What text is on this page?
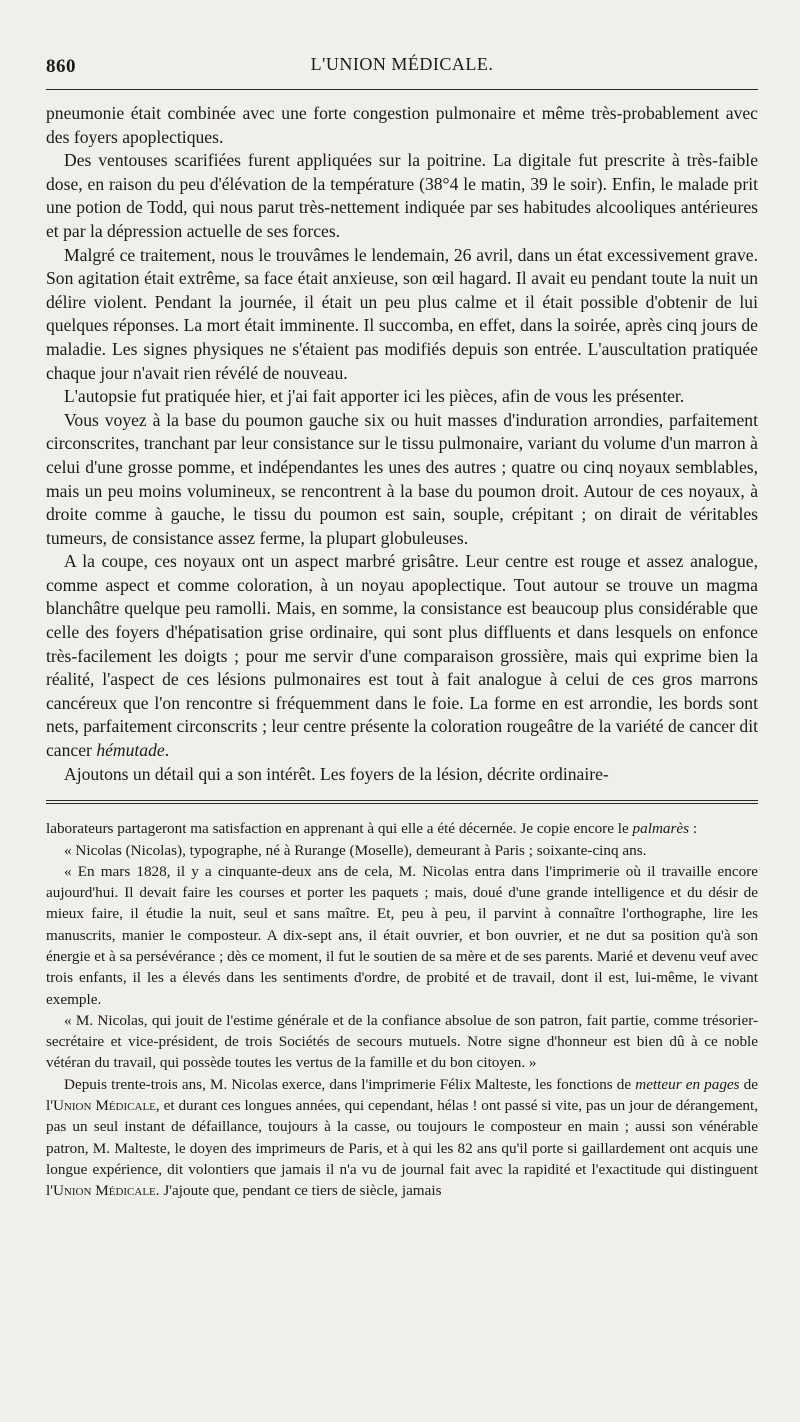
860	L'UNION MÉDICALE.

pneumonie était combinée avec une forte congestion pulmonaire et même très-probablement avec des foyers apoplectiques.

Des ventouses scarifiées furent appliquées sur la poitrine. La digitale fut prescrite à très-faible dose, en raison du peu d'élévation de la température (38°4 le matin, 39 le soir). Enfin, le malade prit une potion de Todd, qui nous parut très-nettement indiquée par ses habitudes alcooliques antérieures et par la dépression actuelle de ses forces.

Malgré ce traitement, nous le trouvâmes le lendemain, 26 avril, dans un état excessivement grave. Son agitation était extrême, sa face était anxieuse, son œil hagard. Il avait eu pendant toute la nuit un délire violent. Pendant la journée, il était un peu plus calme et il était possible d'obtenir de lui quelques réponses. La mort était imminente. Il succomba, en effet, dans la soirée, après cinq jours de maladie. Les signes physiques ne s'étaient pas modifiés depuis son entrée. L'auscultation pratiquée chaque jour n'avait rien révélé de nouveau.

L'autopsie fut pratiquée hier, et j'ai fait apporter ici les pièces, afin de vous les présenter.

Vous voyez à la base du poumon gauche six ou huit masses d'induration arrondies, parfaitement circonscrites, tranchant par leur consistance sur le tissu pulmonaire, variant du volume d'un marron à celui d'une grosse pomme, et indépendantes les unes des autres ; quatre ou cinq noyaux semblables, mais un peu moins volumineux, se rencontrent à la base du poumon droit. Autour de ces noyaux, à droite comme à gauche, le tissu du poumon est sain, souple, crépitant ; on dirait de véritables tumeurs, de consistance assez ferme, la plupart globuleuses.

A la coupe, ces noyaux ont un aspect marbré grisâtre. Leur centre est rouge et assez analogue, comme aspect et comme coloration, à un noyau apoplectique. Tout autour se trouve un magma blanchâtre quelque peu ramolli. Mais, en somme, la consistance est beaucoup plus considérable que celle des foyers d'hépatisation grise ordinaire, qui sont plus diffluents et dans lesquels on enfonce très-facilement les doigts ; pour me servir d'une comparaison grossière, mais qui exprime bien la réalité, l'aspect de ces lésions pulmonaires est tout à fait analogue à celui de ces gros marrons cancéreux que l'on rencontre si fréquemment dans le foie. La forme en est arrondie, les bords sont nets, parfaitement circonscrits ; leur centre présente la coloration rougeâtre de la variété de cancer dit cancer hémutade.

Ajoutons un détail qui a son intérêt. Les foyers de la lésion, décrite ordinaire-

laborateurs partageront ma satisfaction en apprenant à qui elle a été décernée. Je copie encore le palmarès :

« Nicolas (Nicolas), typographe, né à Rurange (Moselle), demeurant à Paris ; soixante-cinq ans.

« En mars 1828, il y a cinquante-deux ans de cela, M. Nicolas entra dans l'imprimerie où il travaille encore aujourd'hui. Il devait faire les courses et porter les paquets ; mais, doué d'une grande intelligence et du désir de mieux faire, il étudie la nuit, seul et sans maître. Et, peu à peu, il parvint à connaître l'orthographe, lire les manuscrits, manier le composteur. A dix-sept ans, il était ouvrier, et bon ouvrier, et ne dut sa position qu'à son énergie et à sa persévérance ; dès ce moment, il fut le soutien de sa mère et de ses parents. Marié et devenu veuf avec trois enfants, il les a élevés dans les sentiments d'ordre, de probité et de travail, dont il est, lui-même, le vivant exemple.

« M. Nicolas, qui jouit de l'estime générale et de la confiance absolue de son patron, fait partie, comme trésorier-secrétaire et vice-président, de trois Sociétés de secours mutuels. Notre signe d'honneur est bien dû à ce noble vétéran du travail, qui possède toutes les vertus de la famille et du bon citoyen. »

Depuis trente-trois ans, M. Nicolas exerce, dans l'imprimerie Félix Malteste, les fonctions de metteur en pages de l'Union Médicale, et durant ces longues années, qui cependant, hélas ! ont passé si vite, pas un jour de dérangement, pas un seul instant de défaillance, toujours à la casse, ou toujours le composteur en main ; aussi son vénérable patron, M. Malteste, le doyen des imprimeurs de Paris, et à qui les 82 ans qu'il porte si gaillardement ont acquis une longue expérience, dit volontiers que jamais il n'a vu de journal fait avec la rapidité et l'exactitude qui distinguent l'Union Médicale. J'ajoute que, pendant ce tiers de siècle, jamais
